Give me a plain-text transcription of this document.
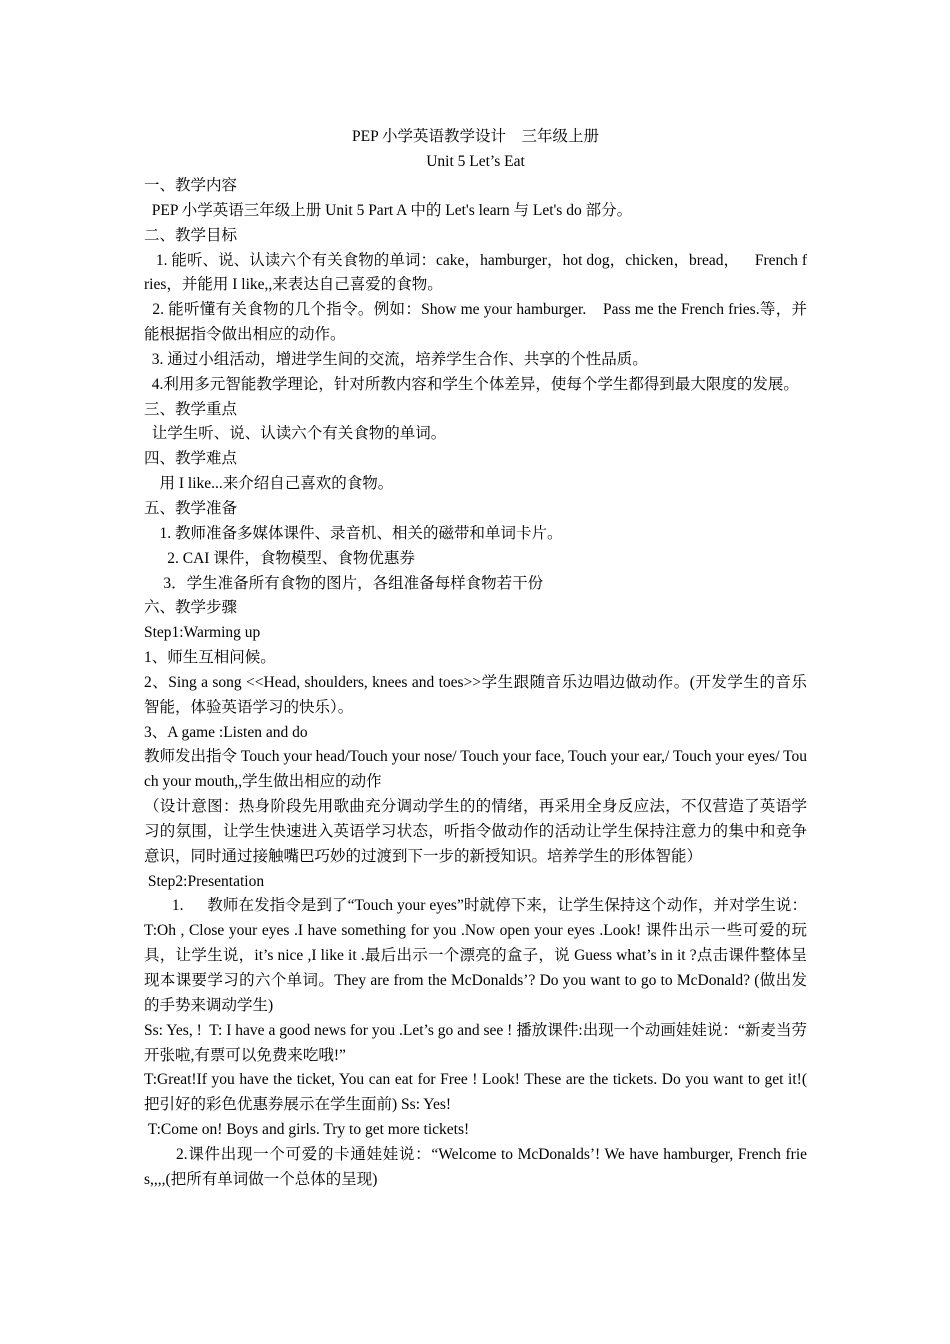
PEP 小学英语教学设计　三年级上册
Unit 5 Let’s Eat
一、教学内容
PEP 小学英语三年级上册 Unit 5 Part A 中的 Let's learn 与 Let's do 部分。
二、教学目标
1. 能听、说、认读六个有关食物的单词：cake，hamburger，hot dog，chicken，bread，    French fries，并能用 I like,,来表达自己喜爱的食物。
2. 能听懂有关食物的几个指令。例如：Show me your hamburger.    Pass me the French fries.等，并能根据指令做出相应的动作。
3. 通过小组活动，增进学生间的交流，培养学生合作、共享的个性品质。
4.利用多元智能教学理论，针对所教内容和学生个体差异，使每个学生都得到最大限度的发展。
三、教学重点
让学生听、说、认读六个有关食物的单词。
四、教学难点
用 I like...来介绍自己喜欢的食物。
五、教学准备
1. 教师准备多媒体课件、录音机、相关的磁带和单词卡片。
2. CAI 课件，食物模型、食物优惠券
3．学生准备所有食物的图片，各组准备每样食物若干份
六、教学步骤
Step1:Warming up
1、师生互相问候。
2、Sing a song <<Head, shoulders, knees and toes>>学生跟随音乐边唱边做动作。(开发学生的音乐智能，体验英语学习的快乐）。
3、A game :Listen and do
教师发出指令 Touch your head/Touch your nose/ Touch your face, Touch your ear,/ Touch your eyes/ Touch your mouth,,学生做出相应的动作
（设计意图：热身阶段先用歌曲充分调动学生的的情绪，再采用全身反应法，不仅营造了英语学习的氛围，让学生快速进入英语学习状态，听指令做动作的活动让学生保持注意力的集中和竞争意识，同时通过接触嘴巴巧妙的过渡到下一步的新授知识。培养学生的形体智能）
Step2:Presentation
1.      教师在发指令是到了“Touch your eyes”时就停下来，让学生保持这个动作，并对学生说：   T:Oh , Close your eyes .I have something for you .Now open your eyes .Look! 课件出示一些可爱的玩具，让学生说，it’s nice ,I like it .最后出示一个漂亮的盒子，说 Guess what’s in it ?点击课件整体呈现本课要学习的六个单词。They are from the McDonalds’? Do you want to go to McDonald? (做出发的手势来调动学生)
Ss: Yes, !  T: I have a good news for you .Let’s go and see ! 播放课件:出现一个动画娃娃说：“新麦当劳开张啦,有票可以免费来吃哦!”
T:Great!If you have the ticket, You can eat for Free ! Look! These are the tickets. Do you want to get it!( 把引好的彩色优惠券展示在学生面前) Ss: Yes!
T:Come on! Boys and girls. Try to get more tickets!
2.课件出现一个可爱的卡通娃娃说：“Welcome to McDonalds’! We have hamburger, French fries,,,,(把所有单词做一个总体的呈现)
